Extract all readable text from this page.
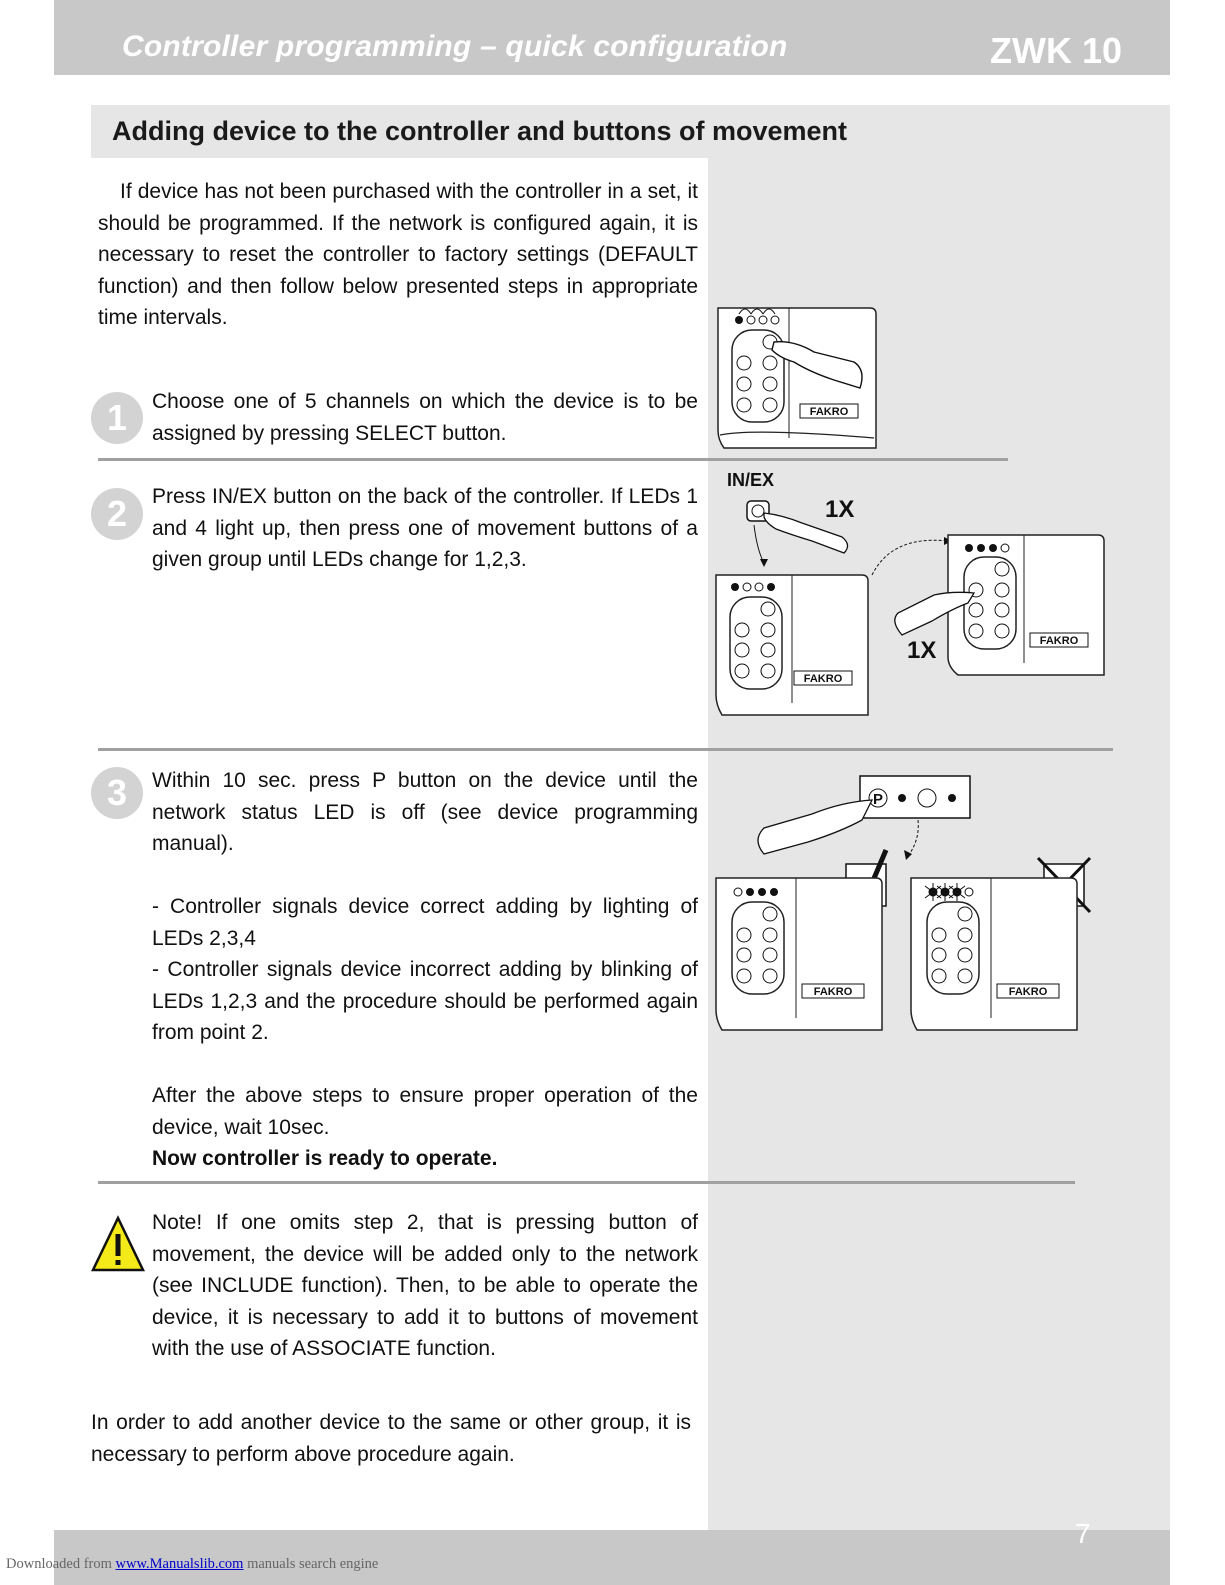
Controller programming – quick configuration	ZWK 10
Adding device to the controller and buttons of movement
If device has not been purchased with the controller in a set, it should be programmed. If the network is configured again, it is necessary to reset the controller to factory settings (DEFAULT function) and then follow below presented steps in appropriate time intervals.
1	Choose one of 5 channels on which the device is to be assigned by pressing SELECT button.
2	Press IN/EX button on the back of the controller. If LEDs 1 and 4 light up, then press one of movement buttons of a given group until LEDs change for 1,2,3.
3	Within 10 sec. press P button on the device until the network status LED is off (see device programming manual).
- Controller signals device correct adding by lighting of LEDs 2,3,4
- Controller signals device incorrect adding by blinking of LEDs 1,2,3 and the procedure should be performed again from point 2.
After the above steps to ensure proper operation of the device, wait 10sec.
Now controller is ready to operate.
Note! If one omits step 2, that is pressing button of movement, the device will be added only to the network (see INCLUDE function). Then, to be able to operate the device, it is necessary to add it to buttons of movement with the use of ASSOCIATE function.
In order to add another device to the same or other group, it is necessary to perform above procedure again.
FAKRO
IN/EX
1X
1X
FAKRO
FAKRO
P
FAKRO	FAKRO
7
Downloaded from www.Manualslib.com manuals search engine
